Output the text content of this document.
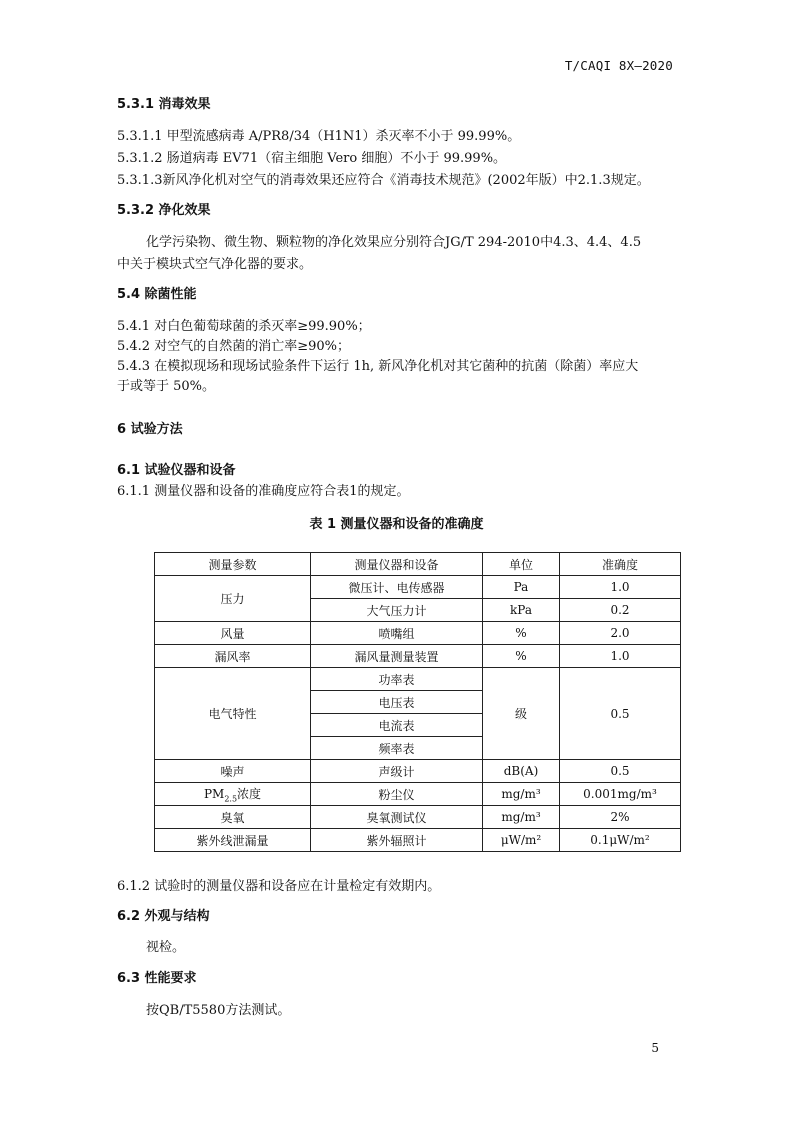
T/CAQI 8X—2020
5.3.1 消毒效果
5.3.1.1 甲型流感病毒 A/PR8/34（H1N1）杀灭率不小于 99.99%。
5.3.1.2 肠道病毒 EV71（宿主细胞 Vero 细胞）不小于 99.99%。
5.3.1.3新风净化机对空气的消毒效果还应符合《消毒技术规范》(2002年版）中2.1.3规定。
5.3.2 净化效果
化学污染物、微生物、颗粒物的净化效果应分别符合JG/T 294-2010中4.3、4.4、4.5
中关于模块式空气净化器的要求。
5.4 除菌性能
5.4.1 对白色葡萄球菌的杀灭率≥99.90%；
5.4.2 对空气的自然菌的消亡率≥90%；
5.4.3 在模拟现场和现场试验条件下运行 1h, 新风净化机对其它菌种的抗菌（除菌）率应大
于或等于 50%。
6 试验方法
6.1 试验仪器和设备
6.1.1 测量仪器和设备的准确度应符合表1的规定。
表 1 测量仪器和设备的准确度
测量参数	测量仪器和设备	单位	准确度
压力	微压计、电传感器	Pa	1.0
	大气压力计	kPa	0.2
风量	喷嘴组	%	2.0
漏风率	漏风量测量装置	%	1.0
电气特性	功率表	级	0.5
	电压表		
	电流表		
	频率表		
噪声	声级计	dB(A)	0.5
$PM_{2.5}$浓度	粉尘仪	mg/m³	0.001mg/m³
臭氧	臭氧测试仪	mg/m³	2%
紫外线泄漏量	紫外辐照计	μW/m²	0.1μW/m²
6.1.2 试验时的测量仪器和设备应在计量检定有效期内。
6.2 外观与结构
视检。
6.3 性能要求
按QB/T5580方法测试。
5
